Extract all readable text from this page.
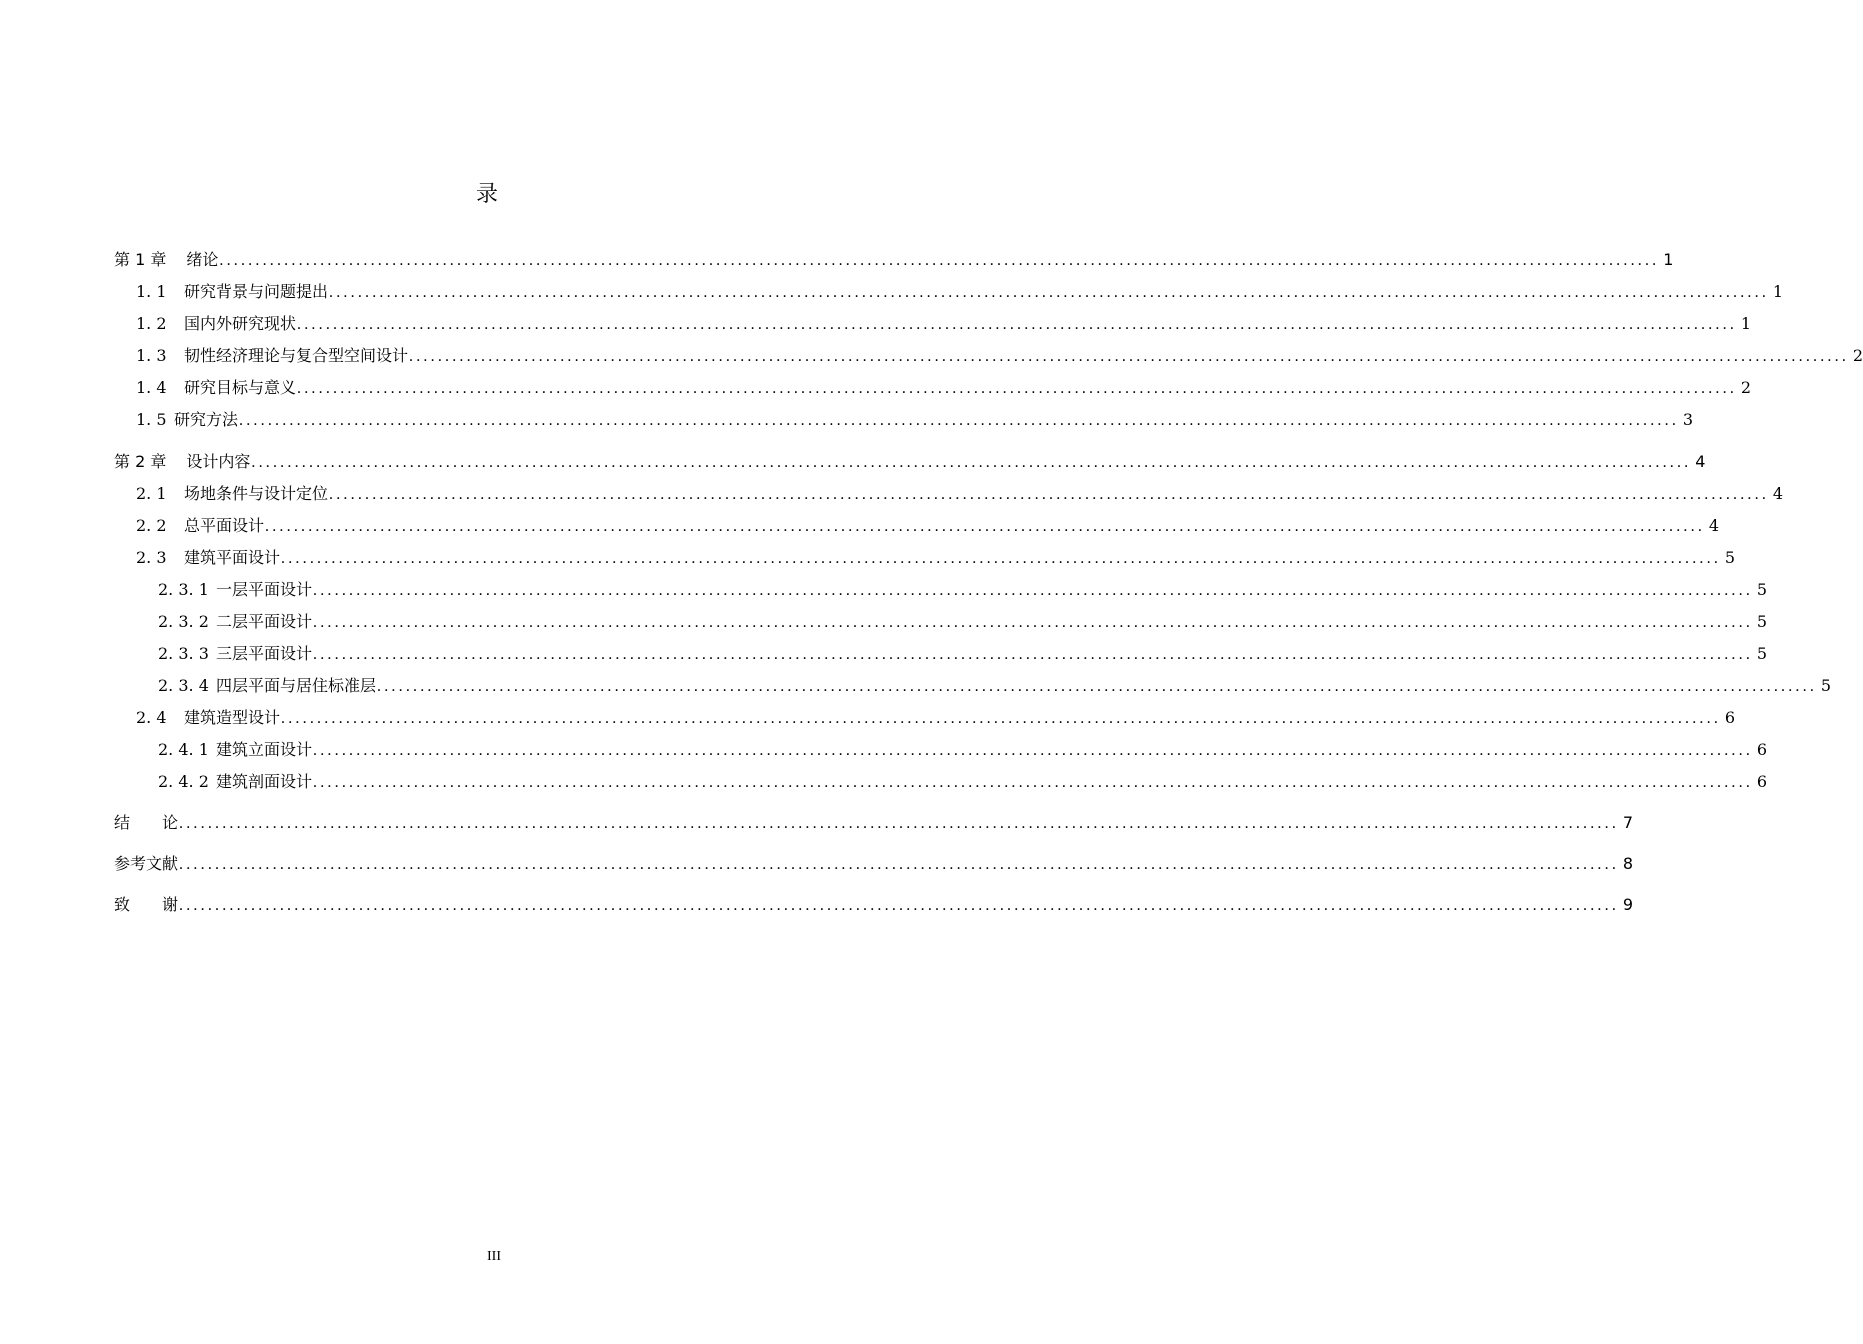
录
第 1 章 绪论 ........................................................................................................................................................................................................ 1
1. 1	研究背景与问题提出 ........................................................................................................................................................................................................ 1
1. 2	国内外研究现状 ........................................................................................................................................................................................................ 1
1. 3	韧性经济理论与复合型空间设计 ........................................................................................................................................................................................................ 2
1. 4	研究目标与意义 ........................................................................................................................................................................................................ 2
1. 5 研究方法 ........................................................................................................................................................................................................ 3
第 2 章 设计内容 ........................................................................................................................................................................................................ 4
2. 1	场地条件与设计定位 ........................................................................................................................................................................................................ 4
2. 2	总平面设计 ........................................................................................................................................................................................................ 4
2. 3	建筑平面设计 ........................................................................................................................................................................................................ 5
2. 3. 1 一层平面设计 ........................................................................................................................................................................................................ 5
2. 3. 2 二层平面设计 ........................................................................................................................................................................................................ 5
2. 3. 3 三层平面设计 ........................................................................................................................................................................................................ 5
2. 3. 4 四层平面与居住标准层 ........................................................................................................................................................................................................ 5
2. 4	建筑造型设计 ........................................................................................................................................................................................................ 6
2. 4. 1 建筑立面设计 ........................................................................................................................................................................................................ 6
2. 4. 2 建筑剖面设计 ........................................................................................................................................................................................................ 6
结　　论 ........................................................................................................................................................................................................ 7
参考文献 ........................................................................................................................................................................................................ 8
致　　谢 ........................................................................................................................................................................................................ 9
III
